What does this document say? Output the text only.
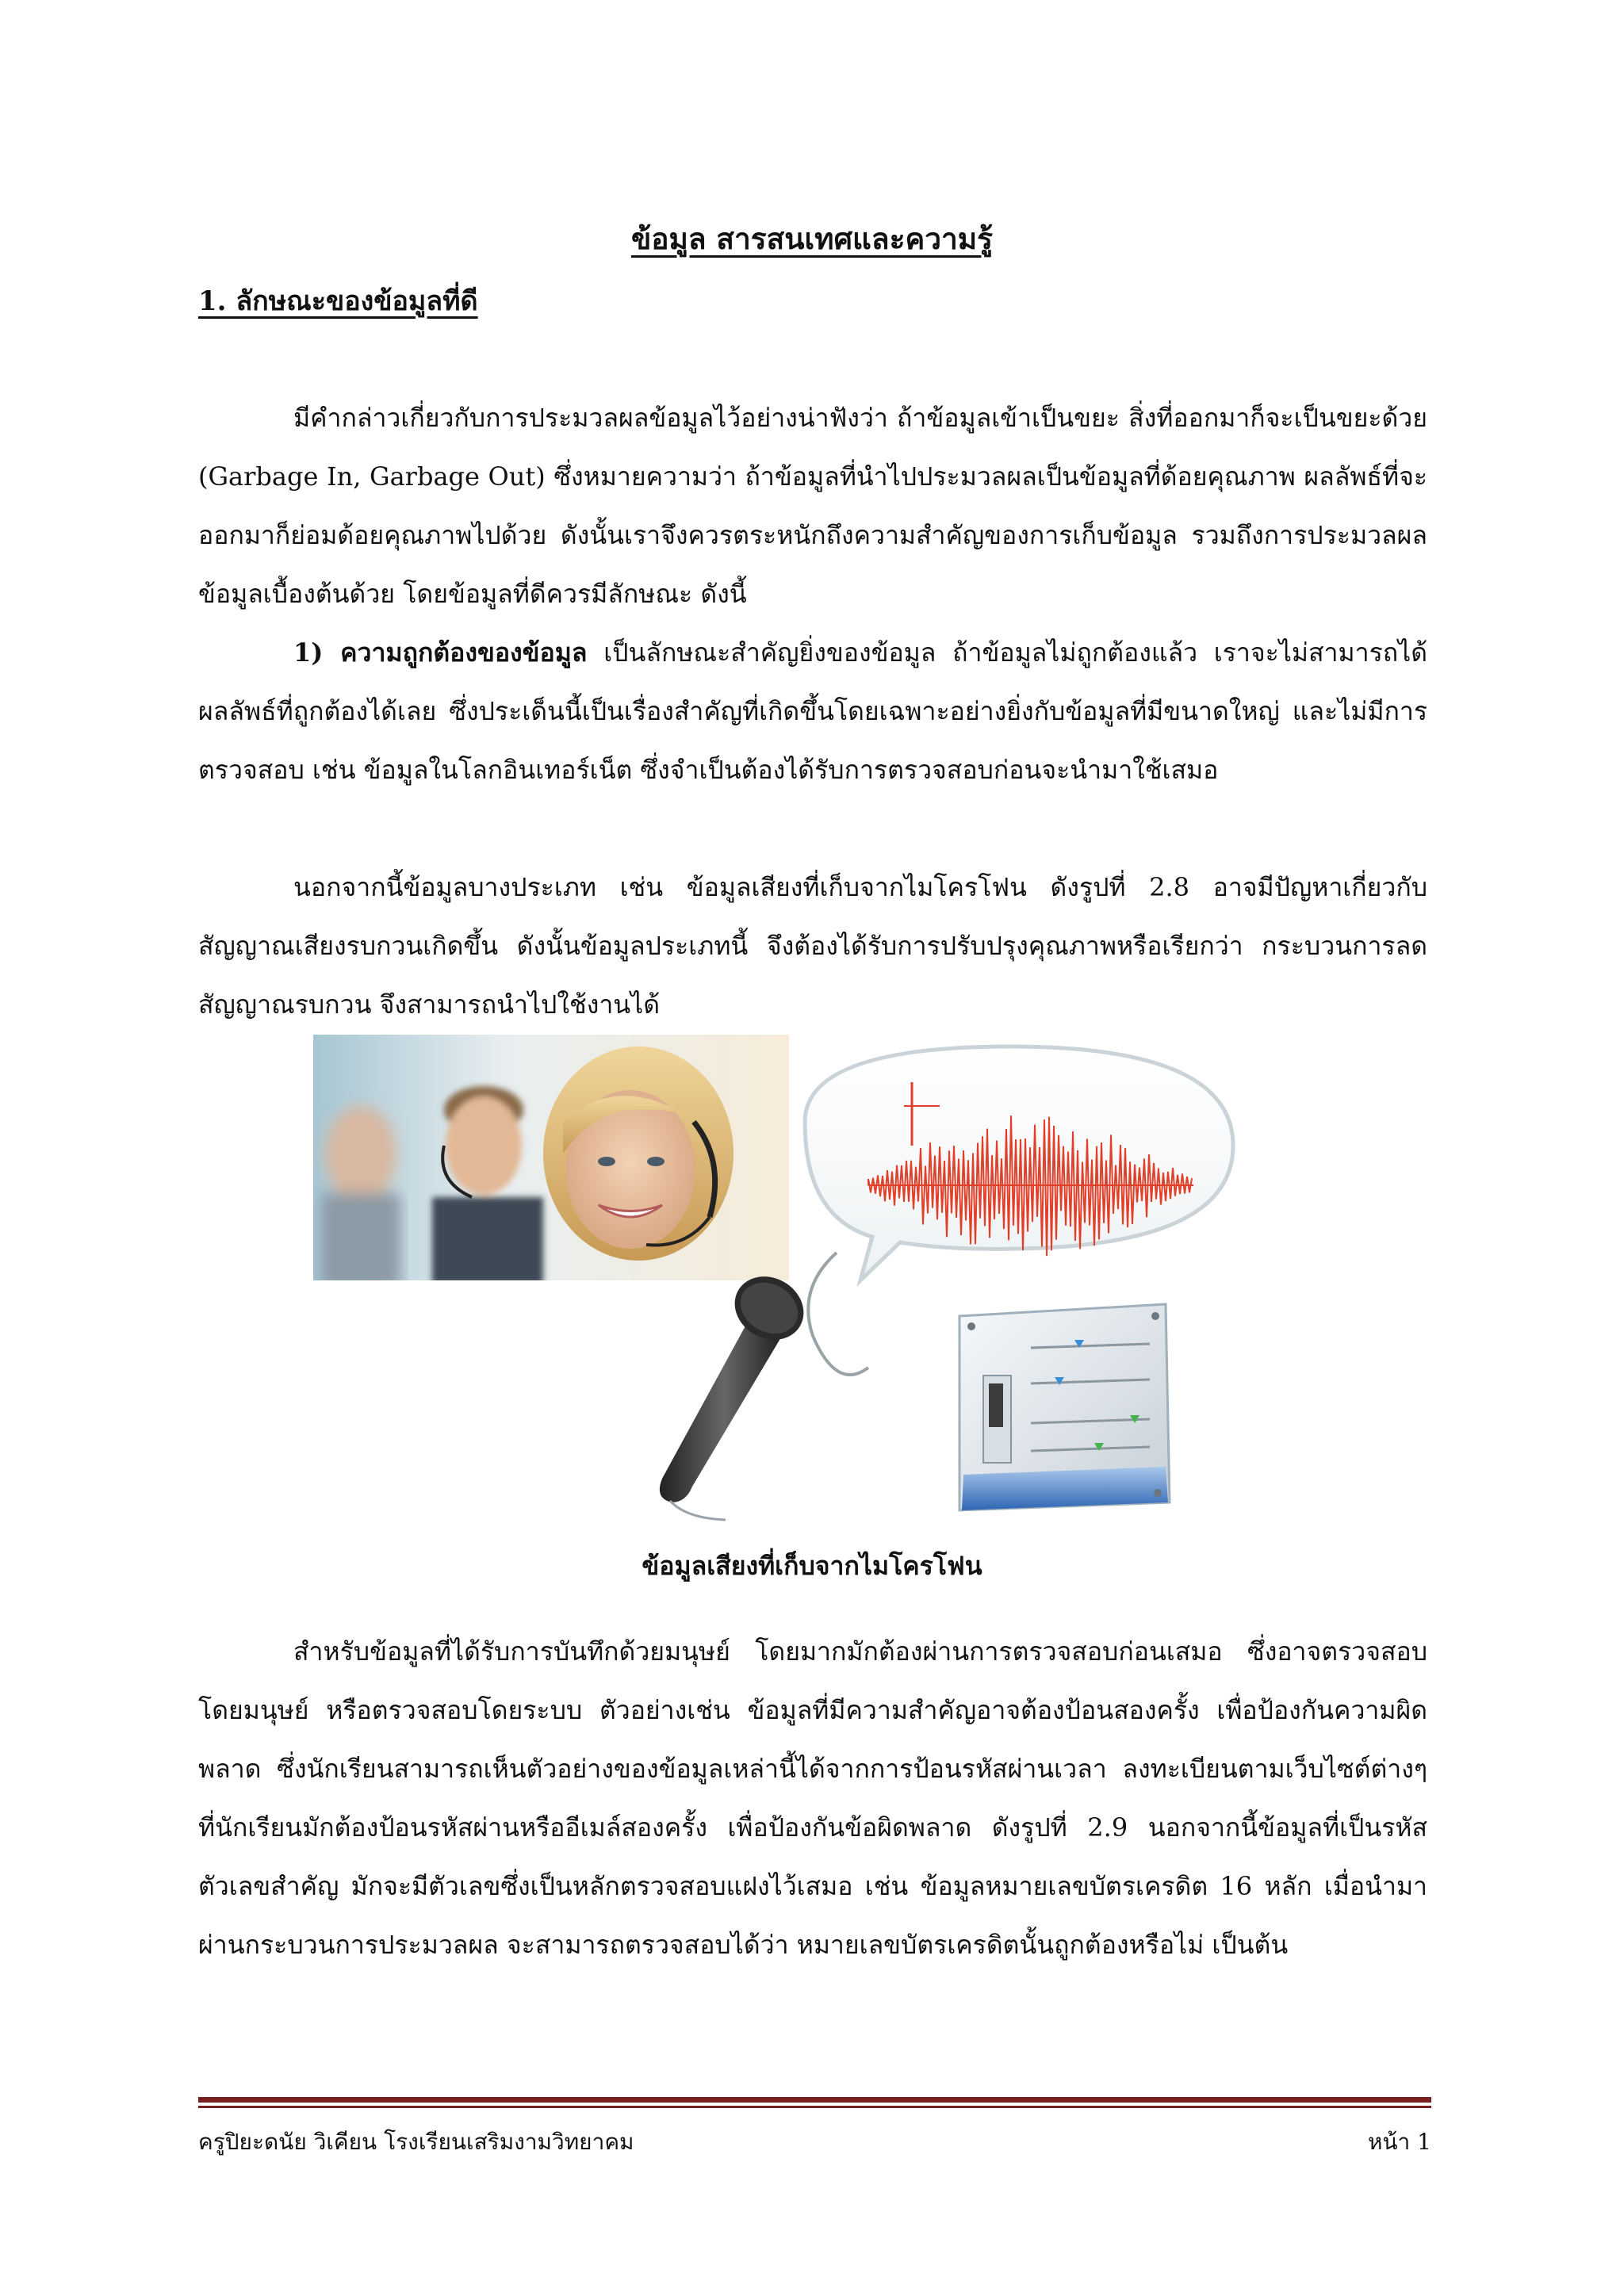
ข้อมูล สารสนเทศและความรู้
1. ลักษณะของข้อมูลที่ดี
มีคำกล่าวเกี่ยวกับการประมวลผลข้อมูลไว้อย่างน่าฟังว่า ถ้าข้อมูลเข้าเป็นขยะ สิ่งที่ออกมาก็จะเป็นขยะด้วย (Garbage In, Garbage Out) ซึ่งหมายความว่า ถ้าข้อมูลที่นำไปประมวลผลเป็นข้อมูลที่ด้อยคุณภาพ ผลลัพธ์ที่จะออกมาก็ย่อมด้อยคุณภาพไปด้วย ดังนั้นเราจึงควรตระหนักถึงความสำคัญของการเก็บข้อมูล รวมถึงการประมวลผลข้อมูลเบื้องต้นด้วย โดยข้อมูลที่ดีควรมีลักษณะ ดังนี้
1) ความถูกต้องของข้อมูล เป็นลักษณะสำคัญยิ่งของข้อมูล ถ้าข้อมูลไม่ถูกต้องแล้ว เราจะไม่สามารถได้ผลลัพธ์ที่ถูกต้องได้เลย ซึ่งประเด็นนี้เป็นเรื่องสำคัญที่เกิดขึ้นโดยเฉพาะอย่างยิ่งกับข้อมูลที่มีขนาดใหญ่ และไม่มีการตรวจสอบ เช่น ข้อมูลในโลกอินเทอร์เน็ต ซึ่งจำเป็นต้องได้รับการตรวจสอบก่อนจะนำมาใช้เสมอ
นอกจากนี้ข้อมูลบางประเภท เช่น ข้อมูลเสียงที่เก็บจากไมโครโฟน ดังรูปที่ 2.8 อาจมีปัญหาเกี่ยวกับสัญญาณเสียงรบกวนเกิดขึ้น ดังนั้นข้อมูลประเภทนี้ จึงต้องได้รับการปรับปรุงคุณภาพหรือเรียกว่า กระบวนการลดสัญญาณรบกวน จึงสามารถนำไปใช้งานได้
ข้อมูลเสียงที่เก็บจากไมโครโฟน
สำหรับข้อมูลที่ได้รับการบันทึกด้วยมนุษย์ โดยมากมักต้องผ่านการตรวจสอบก่อนเสมอ ซึ่งอาจตรวจสอบโดยมนุษย์ หรือตรวจสอบโดยระบบ ตัวอย่างเช่น ข้อมูลที่มีความสำคัญอาจต้องป้อนสองครั้ง เพื่อป้องกันความผิดพลาด ซึ่งนักเรียนสามารถเห็นตัวอย่างของข้อมูลเหล่านี้ได้จากการป้อนรหัสผ่านเวลา ลงทะเบียนตามเว็บไซต์ต่างๆ ที่นักเรียนมักต้องป้อนรหัสผ่านหรืออีเมล์สองครั้ง เพื่อป้องกันข้อผิดพลาด ดังรูปที่ 2.9 นอกจากนี้ข้อมูลที่เป็นรหัสตัวเลขสำคัญ มักจะมีตัวเลขซึ่งเป็นหลักตรวจสอบแฝงไว้เสมอ เช่น ข้อมูลหมายเลขบัตรเครดิต 16 หลัก เมื่อนำมาผ่านกระบวนการประมวลผล จะสามารถตรวจสอบได้ว่า หมายเลขบัตรเครดิตนั้นถูกต้องหรือไม่ เป็นต้น
ครูปิยะดนัย วิเคียน โรงเรียนเสริมงามวิทยาคม	หน้า 1
